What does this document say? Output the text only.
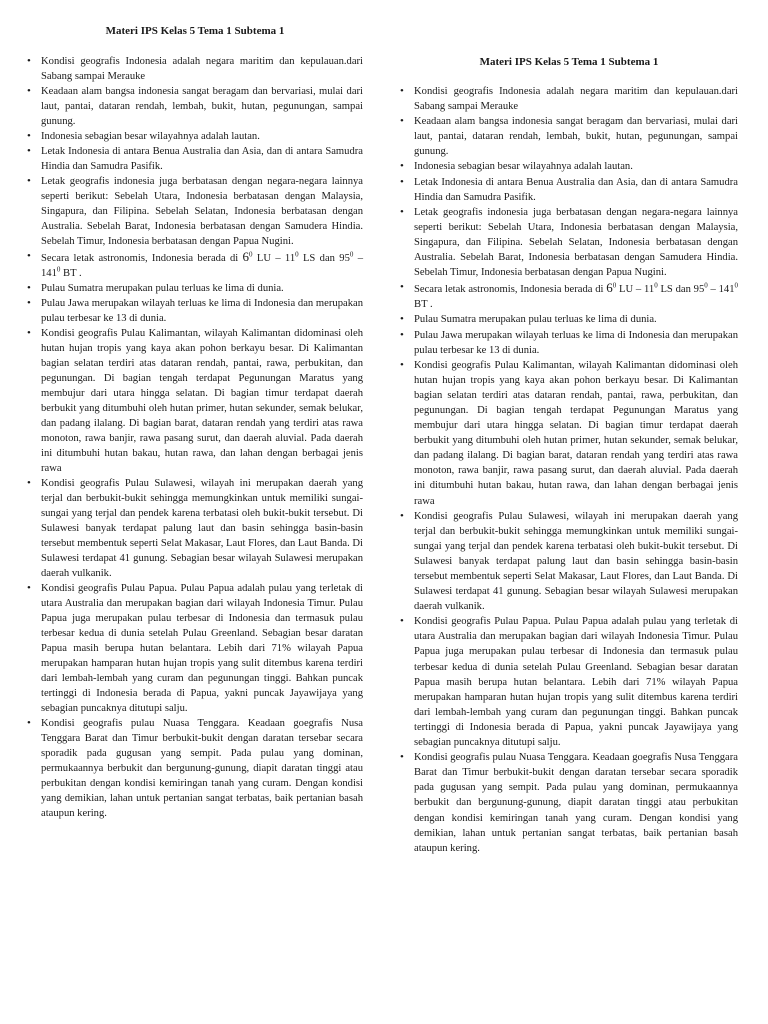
Materi IPS Kelas 5 Tema 1 Subtema 1
• Kondisi geografis Indonesia adalah negara maritim dan kepulauan.dari Sabang sampai Merauke
• Keadaan alam bangsa indonesia sangat beragam dan bervariasi, mulai dari laut, pantai, dataran rendah, lembah, bukit, hutan, pegunungan, sampai gunung.
• Indonesia sebagian besar wilayahnya adalah lautan.
• Letak Indonesia di antara Benua Australia dan Asia, dan di antara Samudra Hindia dan Samudra Pasifik.
• Letak geografis indonesia juga berbatasan dengan negara-negara lainnya seperti berikut: Sebelah Utara, Indonesia berbatasan dengan Malaysia, Singapura, dan Filipina. Sebelah Selatan, Indonesia berbatasan dengan Australia. Sebelah Barat, Indonesia berbatasan dengan Samudera Hindia. Sebelah Timur, Indonesia berbatasan dengan Papua Nugini.
• Secara letak astronomis, Indonesia berada di $6^0$ LU – $11^0$ LS dan $95^0 - 141^0$ BT .
• Pulau Sumatra merupakan pulau terluas ke lima di dunia.
• Pulau Jawa merupakan wilayah terluas ke lima di Indonesia dan merupakan pulau terbesar ke 13 di dunia.
• Kondisi geografis Pulau Kalimantan, wilayah Kalimantan didominasi oleh hutan hujan tropis yang kaya akan pohon berkayu besar. Di Kalimantan bagian selatan terdiri atas dataran rendah, pantai, rawa, perbukitan, dan pegunungan. Di bagian tengah terdapat Pegunungan Maratus yang membujur dari utara hingga selatan. Di bagian timur terdapat daerah berbukit yang ditumbuhi oleh hutan primer, hutan sekunder, semak belukar, dan padang ilalang. Di bagian barat, dataran rendah yang terdiri atas rawa monoton, rawa banjir, rawa pasang surut, dan daerah aluvial. Pada daerah ini ditumbuhi hutan bakau, hutan rawa, dan lahan dengan berbagai jenis rawa
• Kondisi geografis Pulau Sulawesi, wilayah ini merupakan daerah yang terjal dan berbukit-bukit sehingga memungkinkan untuk memiliki sungai-sungai yang terjal dan pendek karena terbatasi oleh bukit-bukit tersebut. Di Sulawesi banyak terdapat palung laut dan basin sehingga basin-basin tersebut membentuk seperti Selat Makasar, Laut Flores, dan Laut Banda. Di Sulawesi terdapat 41 gunung. Sebagian besar wilayah Sulawesi merupakan daerah vulkanik.
• Kondisi geografis Pulau Papua. Pulau Papua adalah pulau yang terletak di utara Australia dan merupakan bagian dari wilayah Indonesia Timur. Pulau Papua juga merupakan pulau terbesar di Indonesia dan termasuk pulau terbesar kedua di dunia setelah Pulau Greenland. Sebagian besar daratan Papua masih berupa hutan belantara. Lebih dari 71% wilayah Papua merupakan hamparan hutan hujan tropis yang sulit ditembus karena terdiri dari lembah-lembah yang curam dan pegunungan tinggi. Bahkan puncak tertinggi di Indonesia berada di Papua, yakni puncak Jayawijaya yang sebagian puncaknya ditutupi salju.
• Kondisi geografis pulau Nuasa Tenggara. Keadaan goegrafis Nusa Tenggara Barat dan Timur berbukit-bukit dengan daratan tersebar secara sporadik pada gugusan yang sempit. Pada pulau yang dominan, permukaannya berbukit dan bergunung-gunung, diapit daratan tinggi atau perbukitan dengan kondisi kemiringan tanah yang curam. Dengan kondisi yang demikian, lahan untuk pertanian sangat terbatas, baik pertanian basah ataupun kering.
Materi IPS Kelas 5 Tema 1 Subtema 1
• Kondisi geografis Indonesia adalah negara maritim dan kepulauan.dari Sabang sampai Merauke
• Keadaan alam bangsa indonesia sangat beragam dan bervariasi, mulai dari laut, pantai, dataran rendah, lembah, bukit, hutan, pegunungan, sampai gunung.
• Indonesia sebagian besar wilayahnya adalah lautan.
• Letak Indonesia di antara Benua Australia dan Asia, dan di antara Samudra Hindia dan Samudra Pasifik.
• Letak geografis indonesia juga berbatasan dengan negara-negara lainnya seperti berikut: Sebelah Utara, Indonesia berbatasan dengan Malaysia, Singapura, dan Filipina. Sebelah Selatan, Indonesia berbatasan dengan Australia. Sebelah Barat, Indonesia berbatasan dengan Samudera Hindia. Sebelah Timur, Indonesia berbatasan dengan Papua Nugini.
• Secara letak astronomis, Indonesia berada di $6^0$ LU – $11^0$ LS dan $95^0 - 141^0$ BT .
• Pulau Sumatra merupakan pulau terluas ke lima di dunia.
• Pulau Jawa merupakan wilayah terluas ke lima di Indonesia dan merupakan pulau terbesar ke 13 di dunia.
• Kondisi geografis Pulau Kalimantan, wilayah Kalimantan didominasi oleh hutan hujan tropis yang kaya akan pohon berkayu besar. Di Kalimantan bagian selatan terdiri atas dataran rendah, pantai, rawa, perbukitan, dan pegunungan. Di bagian tengah terdapat Pegunungan Maratus yang membujur dari utara hingga selatan. Di bagian timur terdapat daerah berbukit yang ditumbuhi oleh hutan primer, hutan sekunder, semak belukar, dan padang ilalang. Di bagian barat, dataran rendah yang terdiri atas rawa monoton, rawa banjir, rawa pasang surut, dan daerah aluvial. Pada daerah ini ditumbuhi hutan bakau, hutan rawa, dan lahan dengan berbagai jenis rawa
• Kondisi geografis Pulau Sulawesi, wilayah ini merupakan daerah yang terjal dan berbukit-bukit sehingga memungkinkan untuk memiliki sungai-sungai yang terjal dan pendek karena terbatasi oleh bukit-bukit tersebut. Di Sulawesi banyak terdapat palung laut dan basin sehingga basin-basin tersebut membentuk seperti Selat Makasar, Laut Flores, dan Laut Banda. Di Sulawesi terdapat 41 gunung. Sebagian besar wilayah Sulawesi merupakan daerah vulkanik.
• Kondisi geografis Pulau Papua. Pulau Papua adalah pulau yang terletak di utara Australia dan merupakan bagian dari wilayah Indonesia Timur. Pulau Papua juga merupakan pulau terbesar di Indonesia dan termasuk pulau terbesar kedua di dunia setelah Pulau Greenland. Sebagian besar daratan Papua masih berupa hutan belantara. Lebih dari 71% wilayah Papua merupakan hamparan hutan hujan tropis yang sulit ditembus karena terdiri dari lembah-lembah yang curam dan pegunungan tinggi. Bahkan puncak tertinggi di Indonesia berada di Papua, yakni puncak Jayawijaya yang sebagian puncaknya ditutupi salju.
• Kondisi geografis pulau Nuasa Tenggara. Keadaan goegrafis Nusa Tenggara Barat dan Timur berbukit-bukit dengan daratan tersebar secara sporadik pada gugusan yang sempit. Pada pulau yang dominan, permukaannya berbukit dan bergunung-gunung, diapit daratan tinggi atau perbukitan dengan kondisi kemiringan tanah yang curam. Dengan kondisi yang demikian, lahan untuk pertanian sangat terbatas, baik pertanian basah ataupun kering.
